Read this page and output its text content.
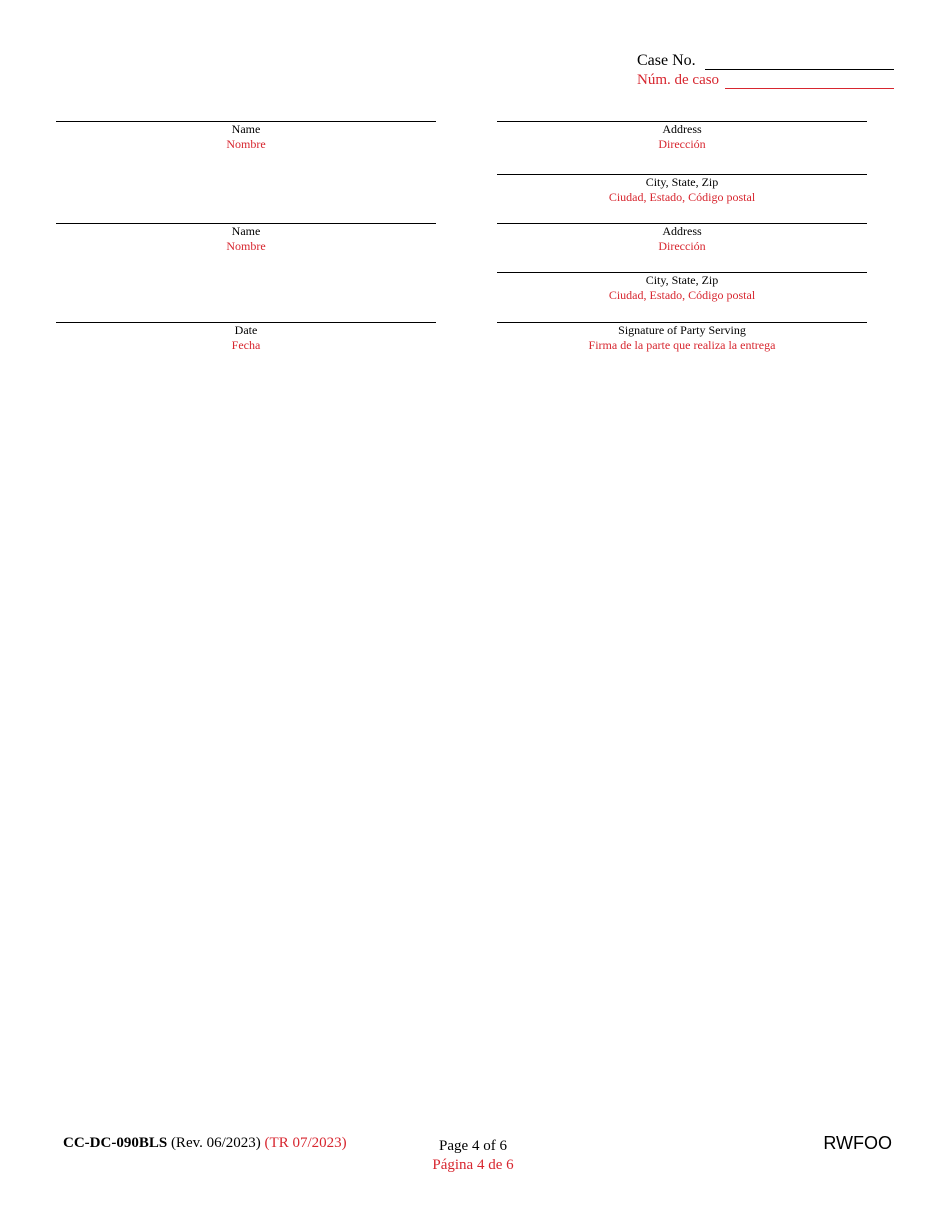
Case No.
Núm. de caso
Name
Nombre
Address
Dirección
City, State, Zip
Ciudad, Estado, Código postal
Name
Nombre
Address
Dirección
City, State, Zip
Ciudad, Estado, Código postal
Date
Fecha
Signature of Party Serving
Firma de la parte que realiza la entrega
CC-DC-090BLS (Rev. 06/2023) (TR 07/2023)	Page 4 of 6
Página 4 de 6
RWFOO
